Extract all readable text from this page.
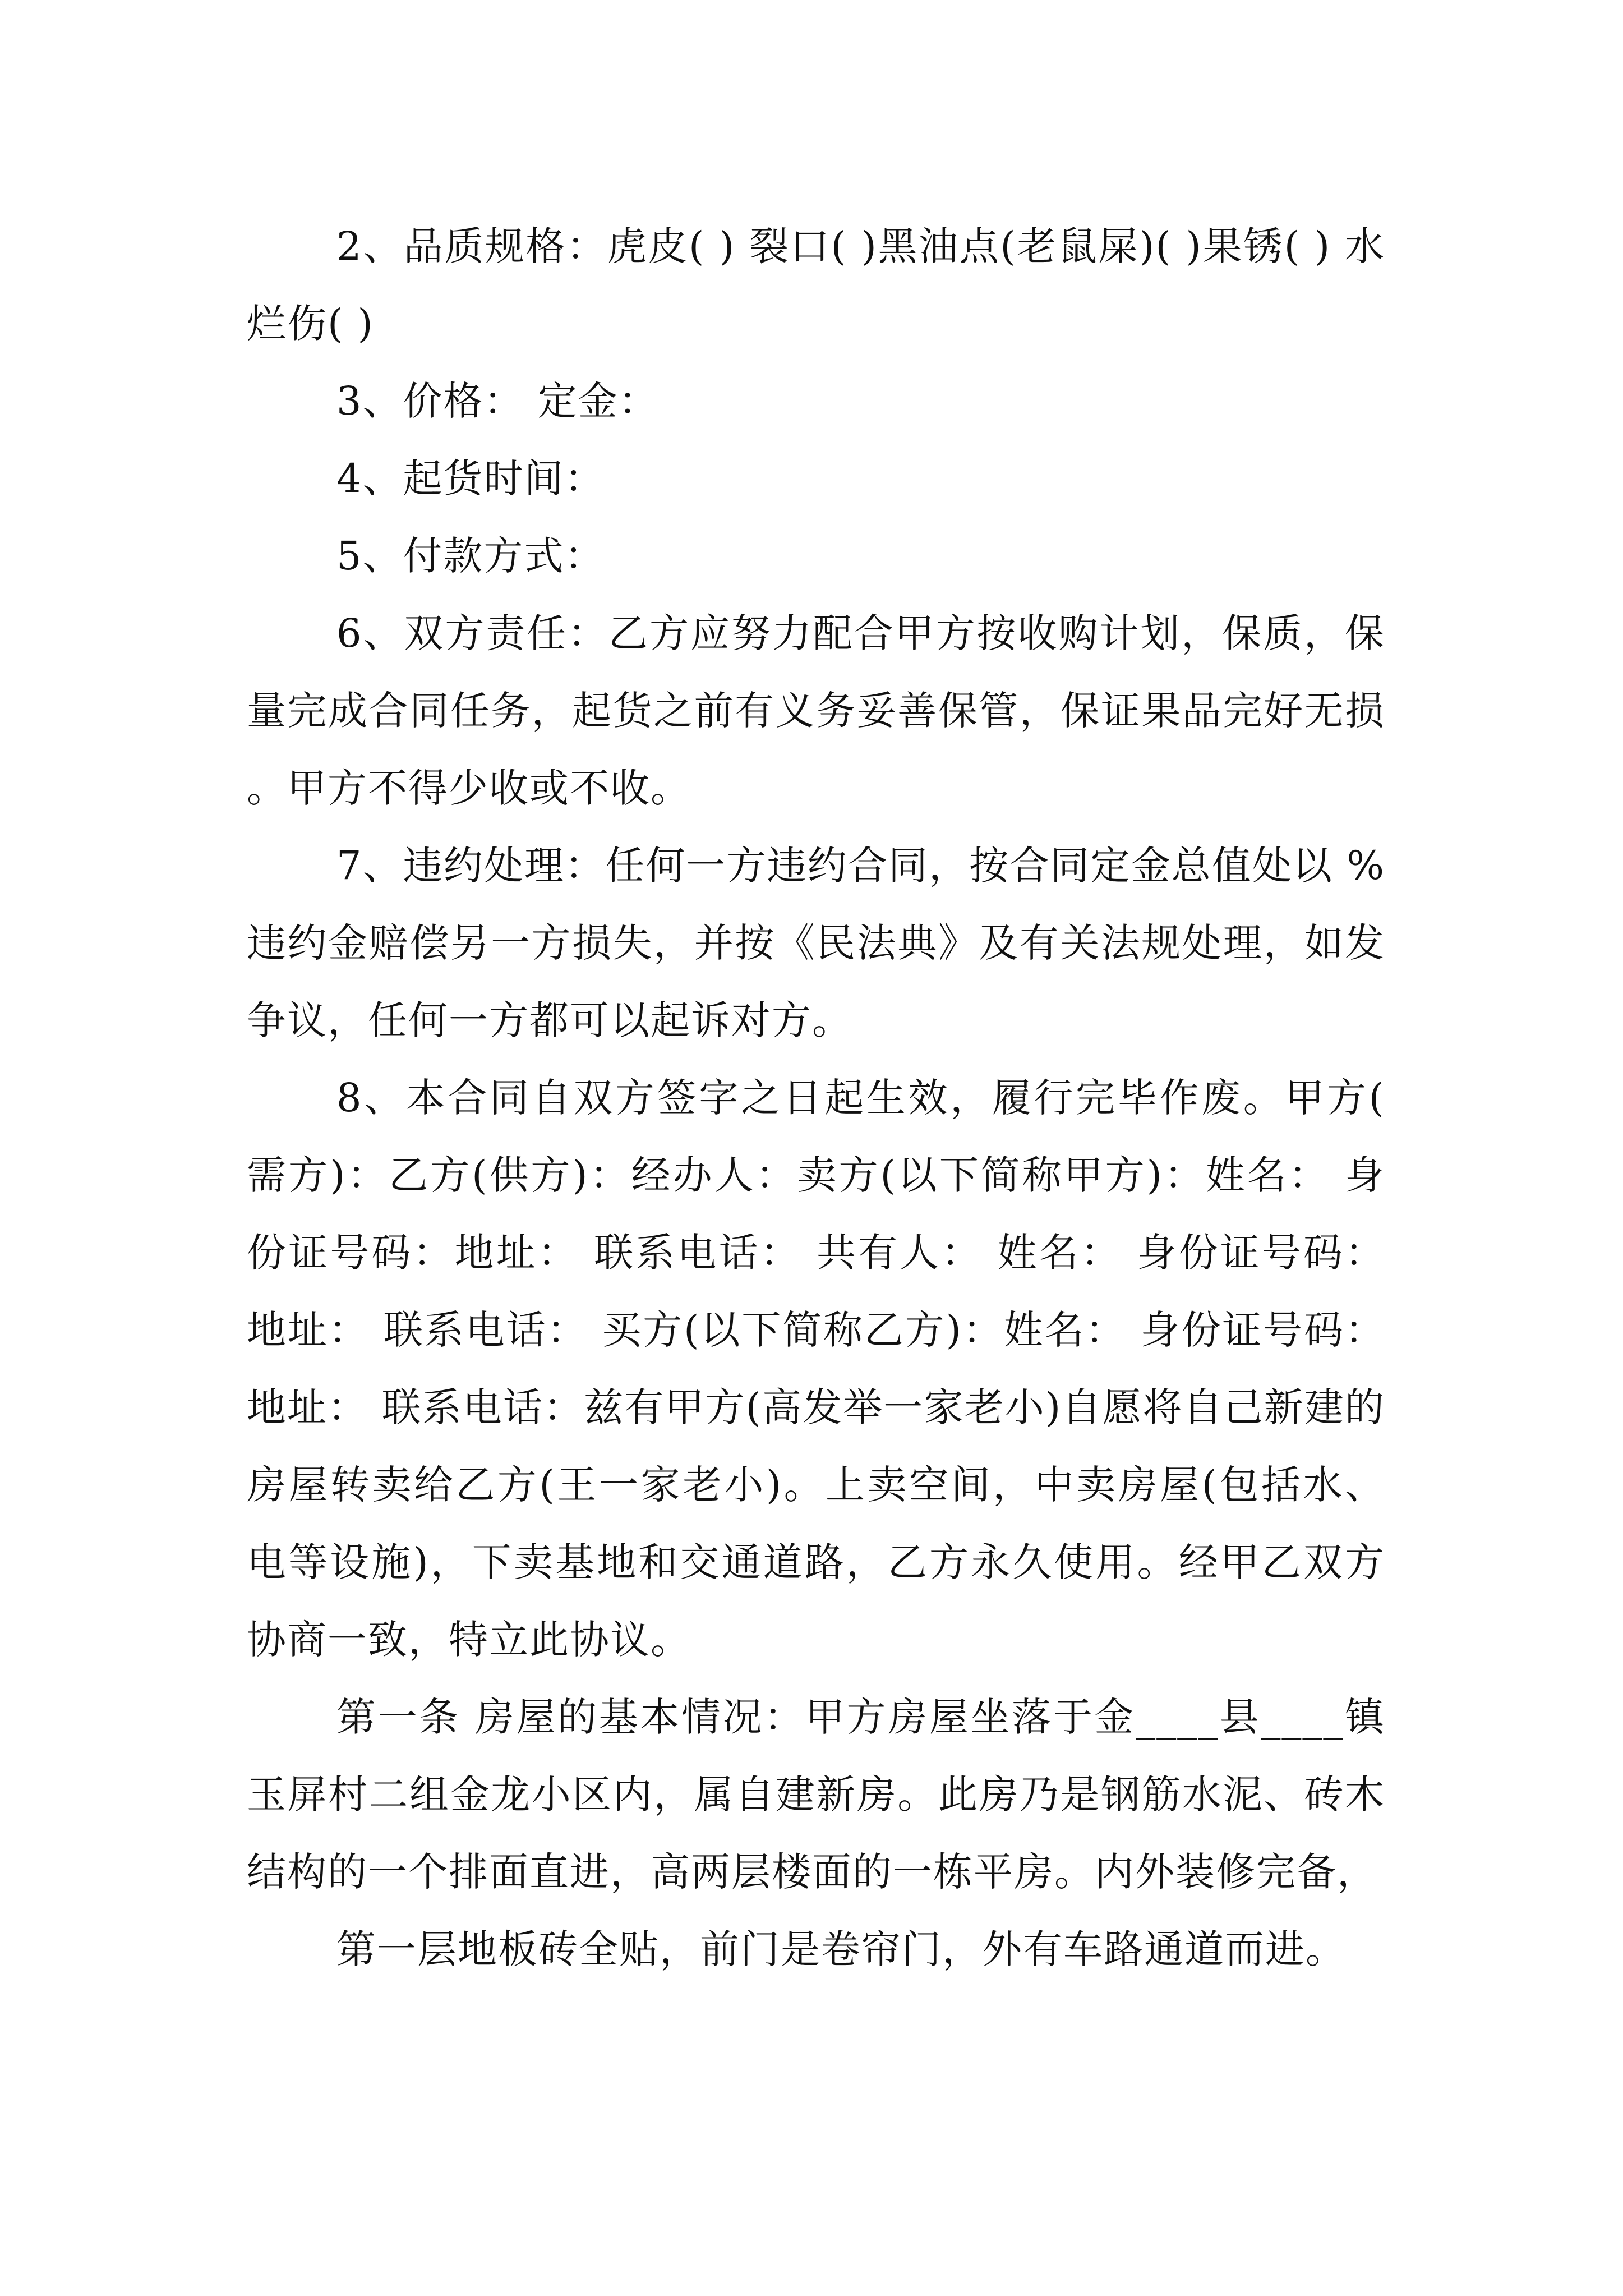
2、品质规格：虎皮( ) 裂口( )黑油点(老鼠屎)( )果锈( ) 水烂伤( )

3、价格： 定金：

4、起货时间：

5、付款方式：

6、双方责任：乙方应努力配合甲方按收购计划，保质，保量完成合同任务，起货之前有义务妥善保管，保证果品完好无损。甲方不得少收或不收。

7、违约处理：任何一方违约合同，按合同定金总值处以 %违约金赔偿另一方损失，并按《民法典》及有关法规处理，如发争议，任何一方都可以起诉对方。

8、本合同自双方签字之日起生效，履行完毕作废。甲方(需方)：乙方(供方)：经办人：卖方(以下简称甲方)：姓名： 身份证号码：地址： 联系电话： 共有人： 姓名： 身份证号码：地址： 联系电话： 买方(以下简称乙方)：姓名： 身份证号码：地址： 联系电话：兹有甲方(高发举一家老小)自愿将自己新建的房屋转卖给乙方(王一家老小)。上卖空间，中卖房屋(包括水、电等设施)，下卖基地和交通道路，乙方永久使用。经甲乙双方协商一致，特立此协议。

第一条 房屋的基本情况：甲方房屋坐落于金____县____镇玉屏村二组金龙小区内，属自建新房。此房乃是钢筋水泥、砖木结构的一个排面直进，高两层楼面的一栋平房。内外装修完备，

第一层地板砖全贴，前门是卷帘门，外有车路通道而进。
